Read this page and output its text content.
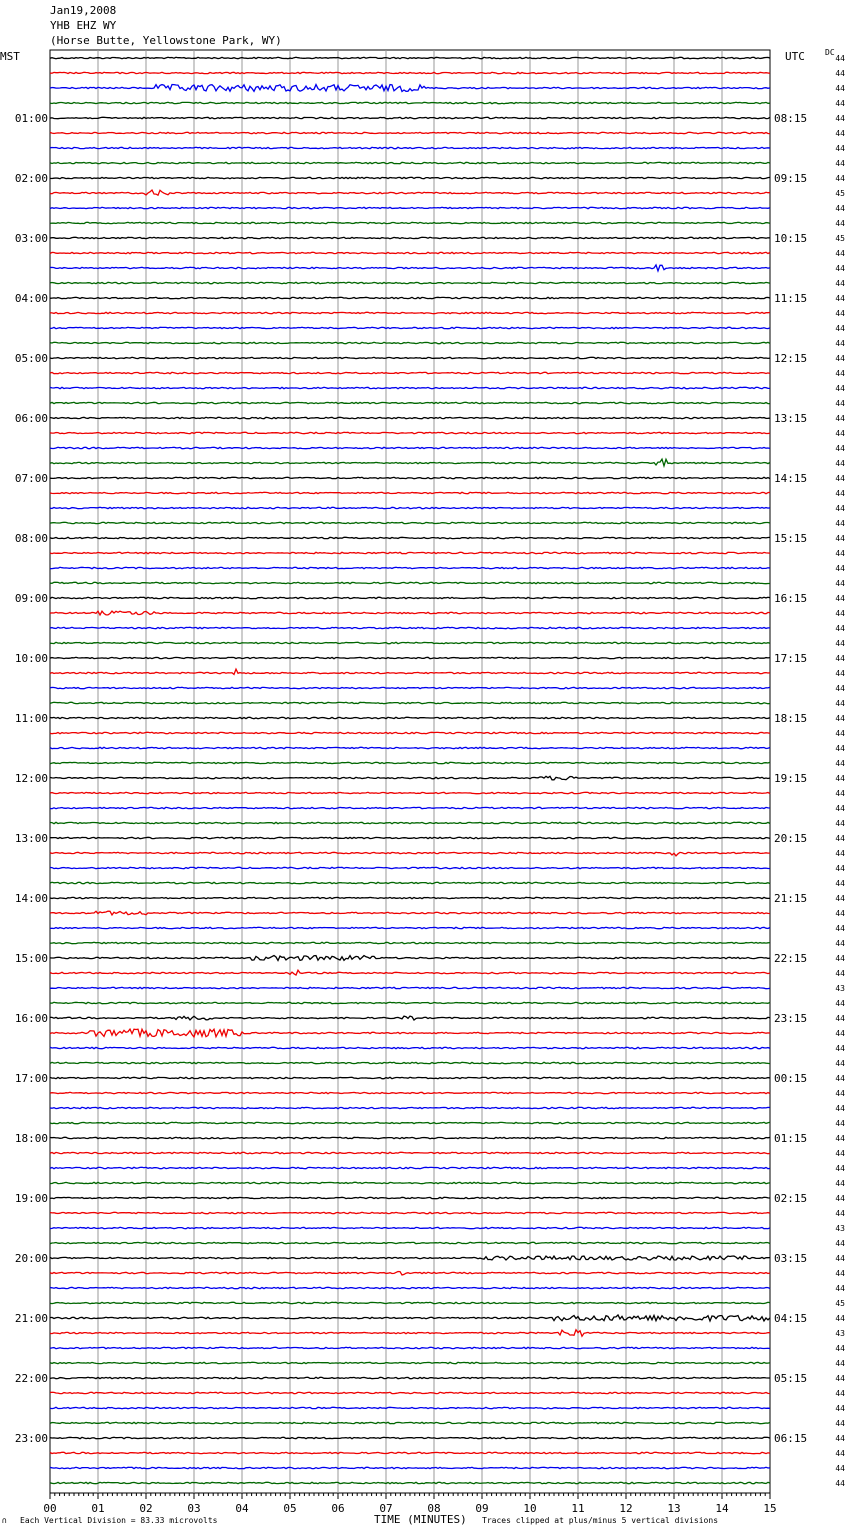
01:00
02:00
03:00
04:00
05:00
06:00
07:00
08:00
09:00
10:00
11:00
12:00
13:00
14:00
15:00
16:00
17:00
18:00
19:00
20:00
21:00
22:00
23:00
08:15
09:15
10:15
11:15
12:15
13:15
14:15
15:15
16:15
17:15
18:15
19:15
20:15
21:15
22:15
23:15
00:15
01:15
02:15
03:15
04:15
05:15
06:15
44
44
44
44
44
44
44
44
44
45
44
44
45
44
44
44
44
44
44
44
44
44
44
44
44
44
44
44
44
44
44
44
44
44
44
44
44
44
44
44
44
44
44
44
44
44
44
44
44
44
44
44
44
44
44
44
44
44
44
44
44
44
43
44
44
44
44
44
44
44
44
44
44
44
44
44
44
44
43
44
44
44
44
45
44
43
44
44
44
44
44
44
44
44
44
44
00	01	02	03	04	05	06	07	08	09	10	11	12	13	14	15
Jan19,2008
YHB EHZ WY
(Horse Butte, Yellowstone Park, WY)
MST	UTC	DC
TIME (MINUTES)
∩ Each Vertical Division = 83.33 microvolts	Traces clipped at plus/minus 5 vertical divisions
